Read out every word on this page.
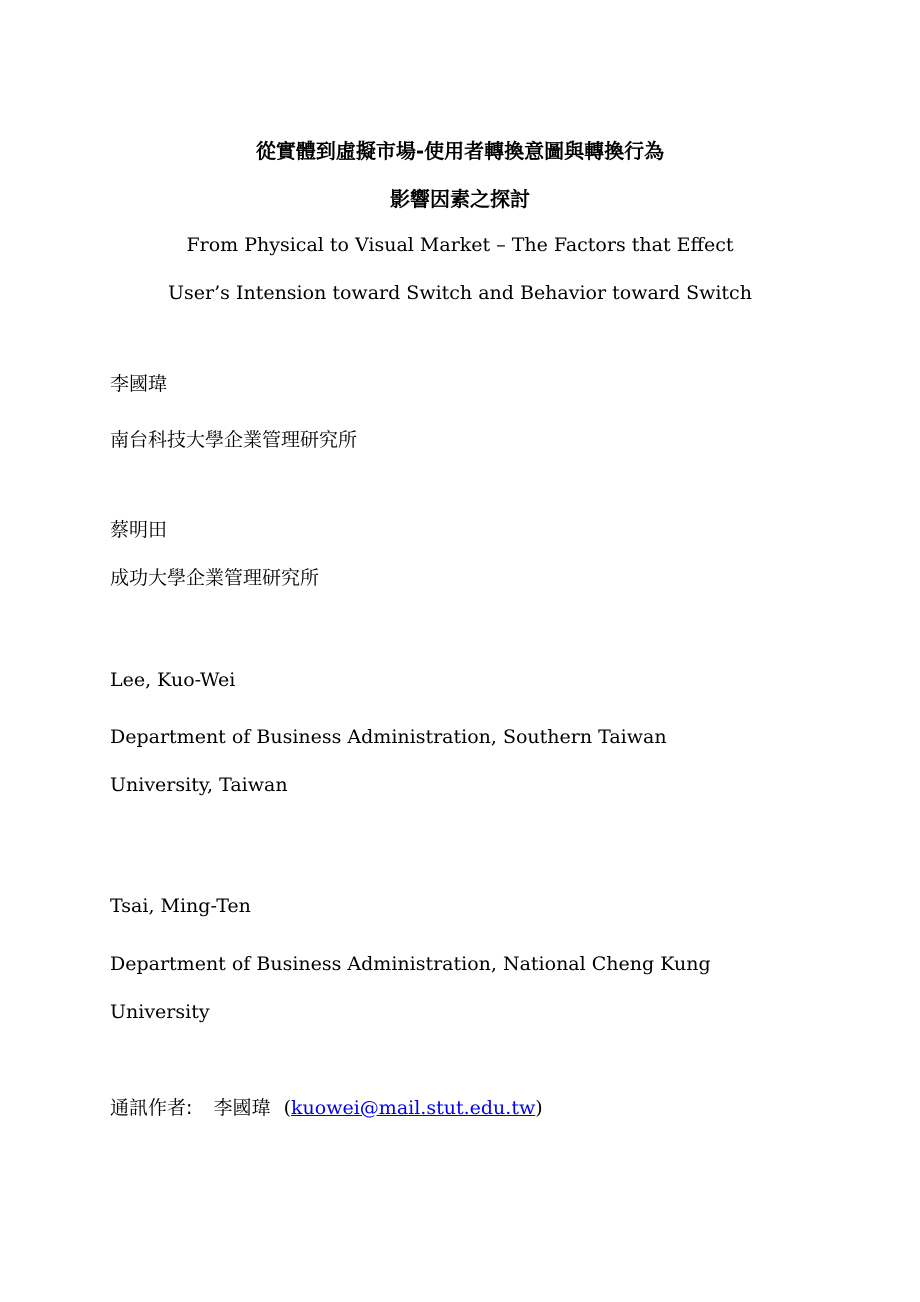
從實體到虛擬市場-使用者轉換意圖與轉換行為
影響因素之探討
From Physical to Visual Market – The Factors that Effect
User’s Intension toward Switch and Behavior toward Switch
李國瑋
南台科技大學企業管理研究所
蔡明田
成功大學企業管理研究所
Lee, Kuo-Wei
Department of Business Administration, Southern Taiwan
University, Taiwan
Tsai, Ming-Ten
Department of Business Administration, National Cheng Kung
University
通訊作者: 李國瑋 (kuowei@mail.stut.edu.tw)
